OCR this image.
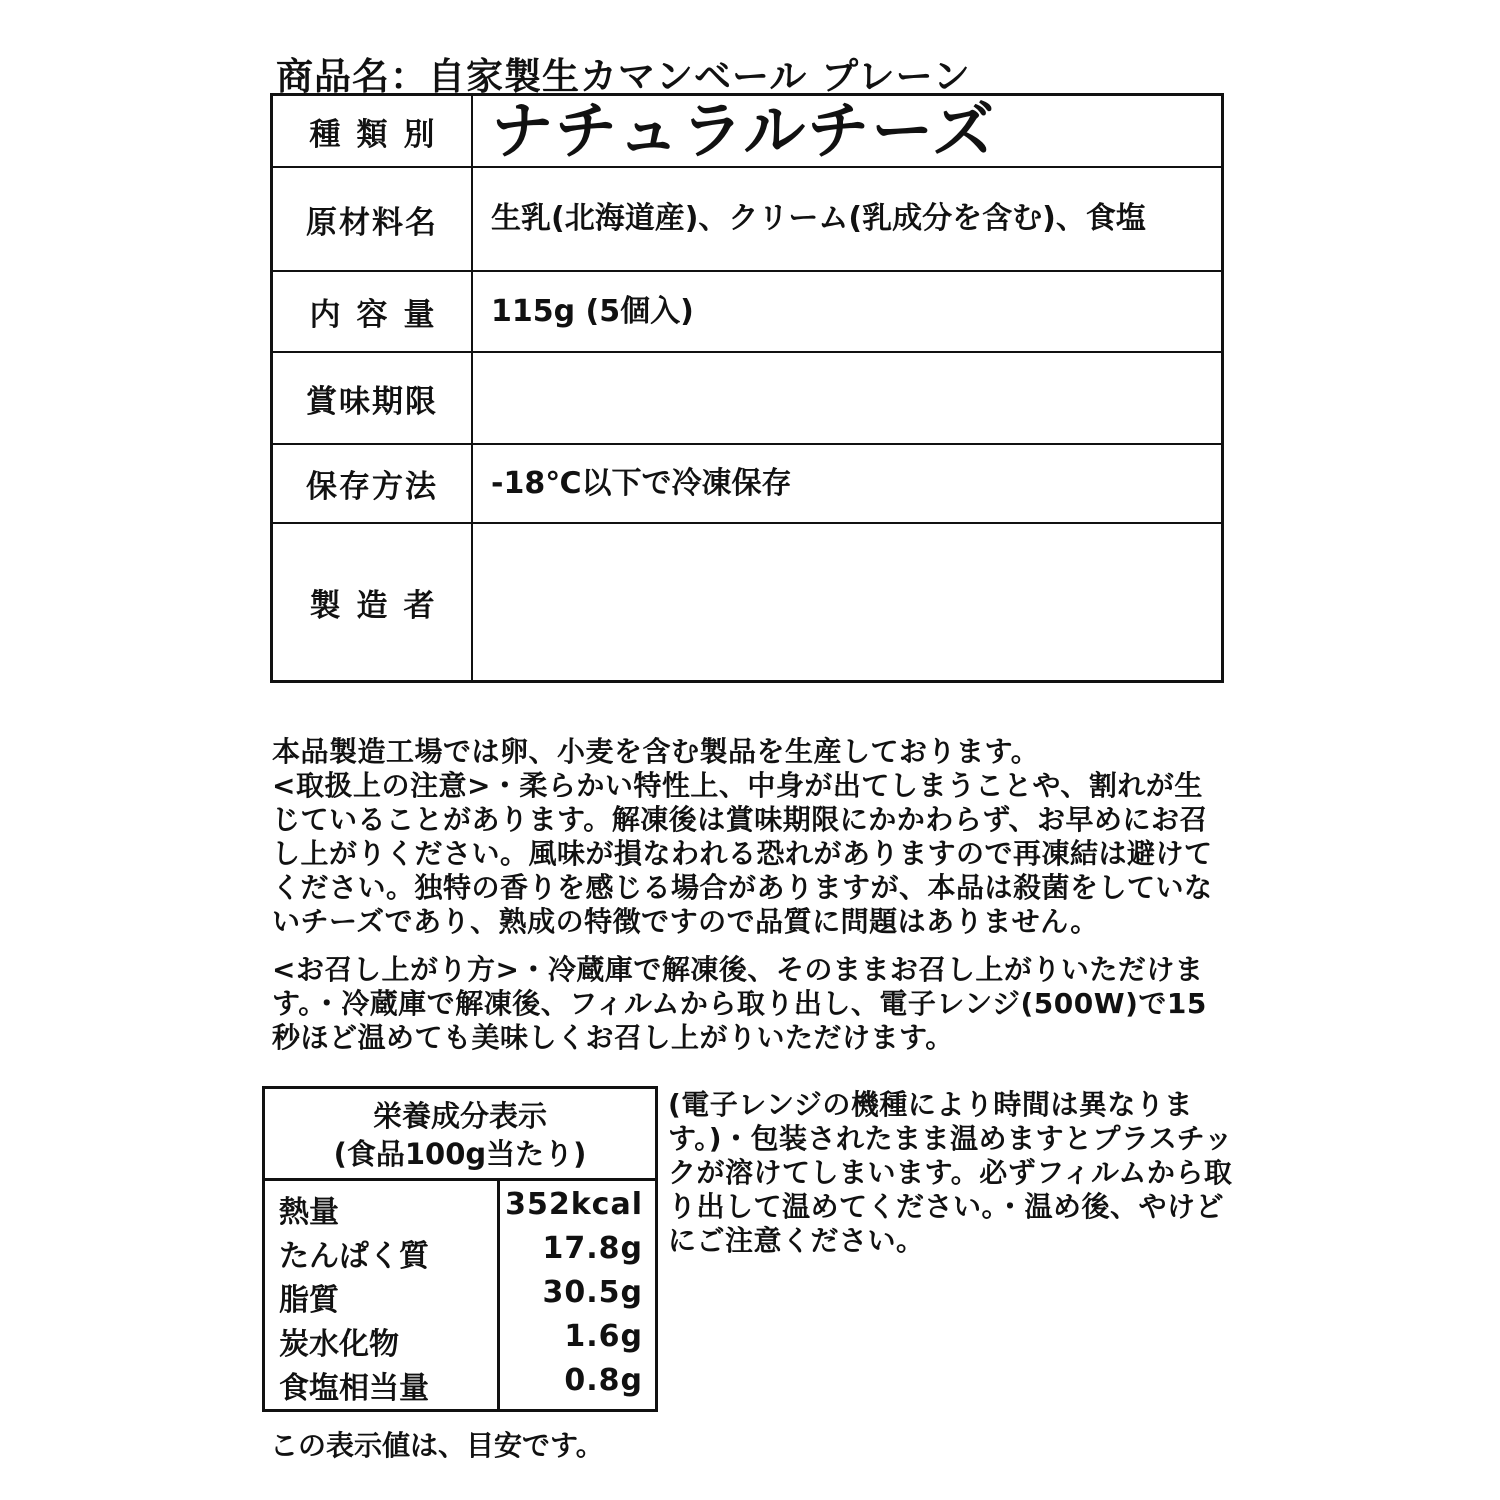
商品名：自家製生カマンベール プレーン
種類別 ナチュラルチーズ
原材料名	生乳(北海道産)、クリーム(乳成分を含む)、食塩
内容量	115g (5個入)
賞味期限
保存方法	-18℃以下で冷凍保存
製造者

本品製造工場では卵、小麦を含む製品を生産しております。

<取扱上の注意>・柔らかい特性上、中身が出てしまうことや、割れが生じていることがあります。解凍後は賞味期限にかかわらず、お早めにお召し上がりください。風味が損なわれる恐れがありますので再凍結は避けてください。独特の香りを感じる場合がありますが、本品は殺菌をしていないチーズであり、熟成の特徴ですので品質に問題はありません。

<お召し上がり方>・冷蔵庫で解凍後、そのままお召し上がりいただけます。・冷蔵庫で解凍後、フィルムから取り出し、電子レンジ(500W)で15秒ほど温めても美味しくお召し上がりいただけます。

栄養成分表示
(食品100g当たり)
熱量	352kcal
たんぱく質	17.8g
脂質	30.5g
炭水化物	1.6g
食塩相当量	0.8g
この表示値は、目安です。
(電子レンジの機種により時間は異なります。)・包装されたまま温めますとプラスチックが溶けてしまいます。必ずフィルムから取り出して温めてください。・温め後、やけどにご注意ください。
